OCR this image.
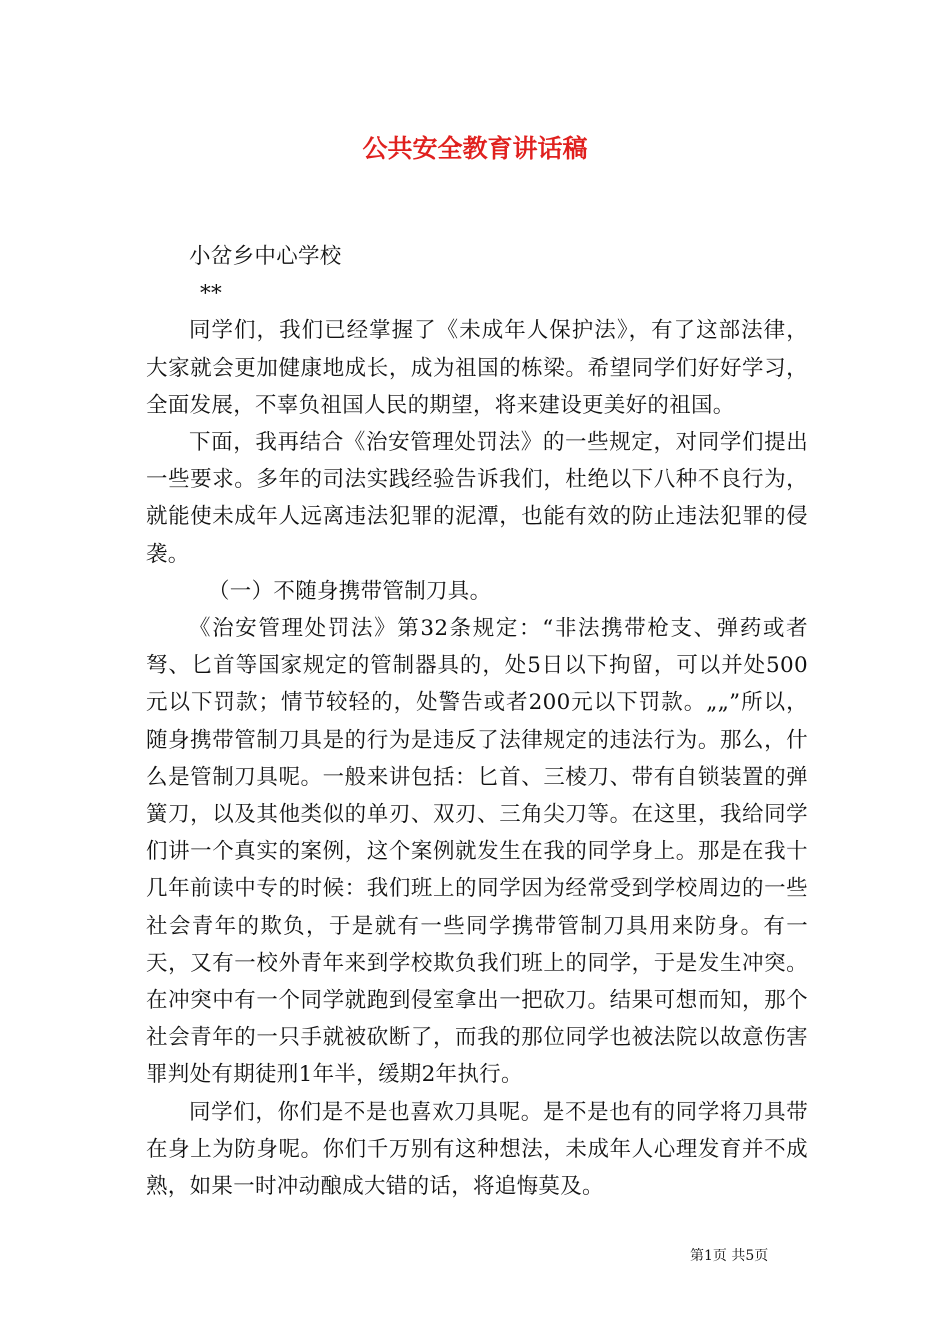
公共安全教育讲话稿

小岔乡中心学校

**

同学们，我们已经掌握了《未成年人保护法》，有了这部法律，大家就会更加健康地成长，成为祖国的栋梁。希望同学们好好学习，全面发展，不辜负祖国人民的期望，将来建设更美好的祖国。

下面，我再结合《治安管理处罚法》的一些规定，对同学们提出一些要求。多年的司法实践经验告诉我们，杜绝以下八种不良行为，就能使未成年人远离违法犯罪的泥潭，也能有效的防止违法犯罪的侵袭。

（一）不随身携带管制刀具。

《治安管理处罚法》第32条规定：“非法携带枪支、弹药或者弩、匕首等国家规定的管制器具的，处5日以下拘留，可以并处500元以下罚款；情节较轻的，处警告或者200元以下罚款。„„”所以，随身携带管制刀具是的行为是违反了法律规定的违法行为。那么，什么是管制刀具呢。一般来讲包括：匕首、三棱刀、带有自锁装置的弹簧刀，以及其他类似的单刃、双刃、三角尖刀等。在这里，我给同学们讲一个真实的案例，这个案例就发生在我的同学身上。那是在我十几年前读中专的时候：我们班上的同学因为经常受到学校周边的一些社会青年的欺负，于是就有一些同学携带管制刀具用来防身。有一天，又有一校外青年来到学校欺负我们班上的同学，于是发生冲突。在冲突中有一个同学就跑到侵室拿出一把砍刀。结果可想而知，那个社会青年的一只手就被砍断了，而我的那位同学也被法院以故意伤害罪判处有期徒刑1年半，缓期2年执行。

同学们，你们是不是也喜欢刀具呢。是不是也有的同学将刀具带在身上为防身呢。你们千万别有这种想法，未成年人心理发育并不成熟，如果一时冲动酿成大错的话，将追悔莫及。

第1页 共5页
